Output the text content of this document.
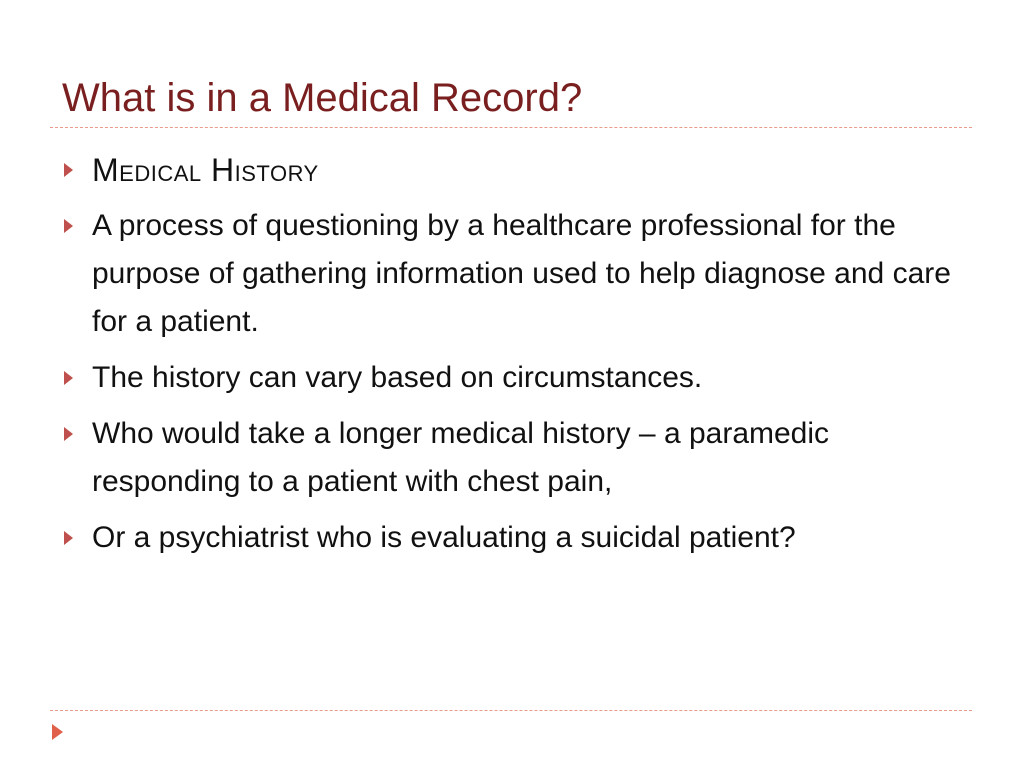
What is in a Medical Record?
Medical History
A process of questioning by a healthcare professional for the purpose of gathering information used to help diagnose and care for a patient.
The history can vary based on circumstances.
Who would take a longer medical history – a paramedic responding to a patient with chest pain,
Or a psychiatrist who is evaluating a suicidal patient?
